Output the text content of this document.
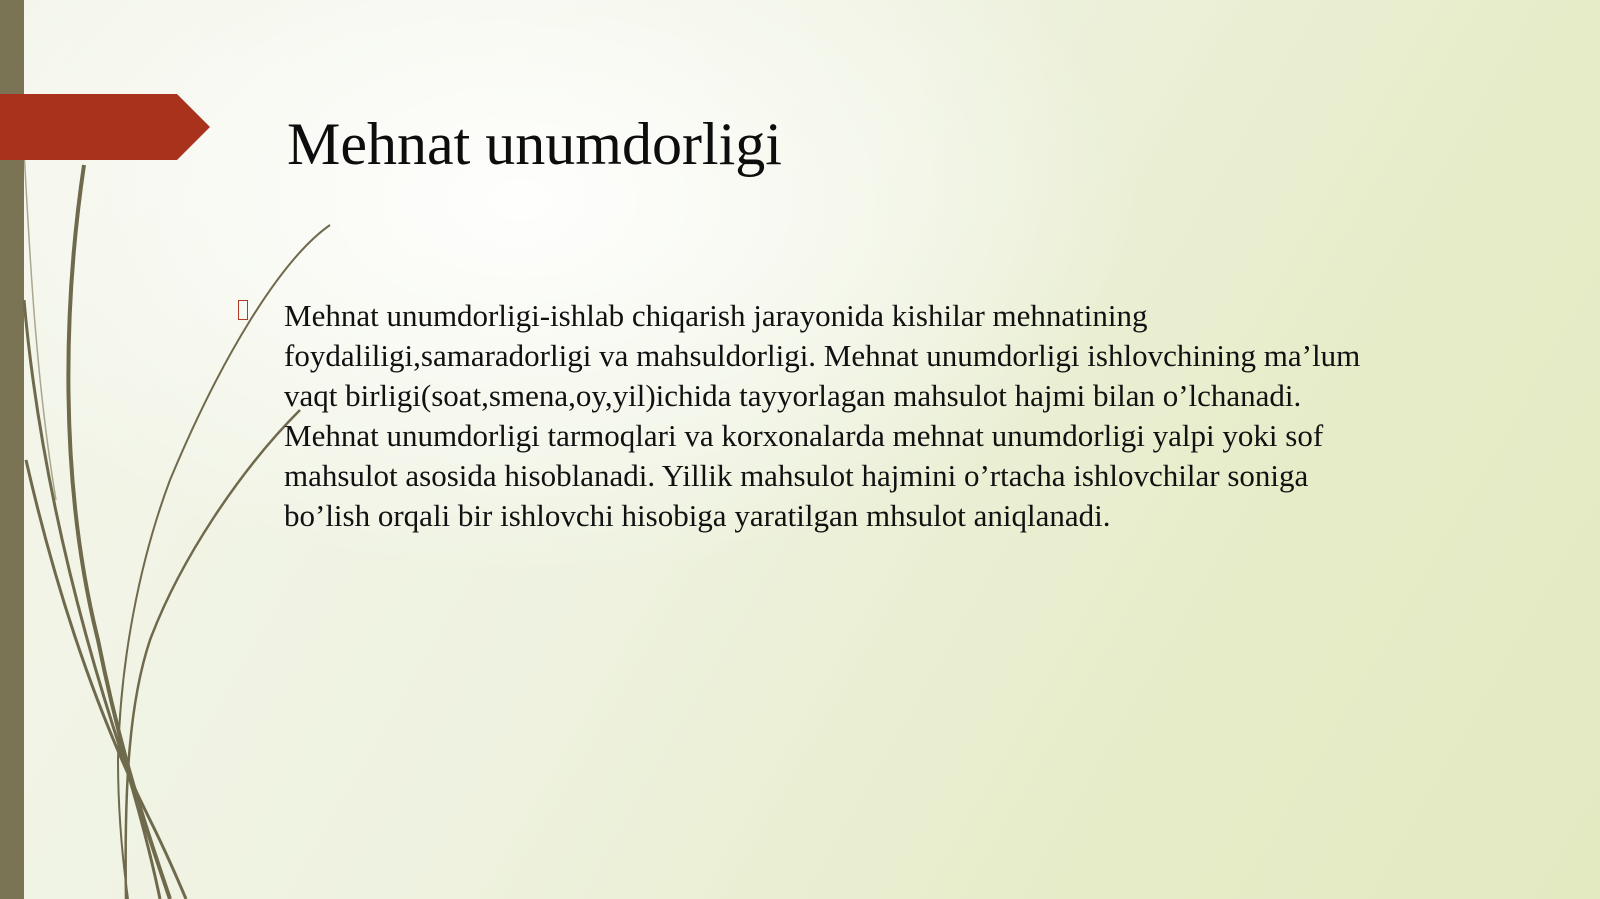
Mehnat unumdorligi

Mehnat unumdorligi-ishlab chiqarish jarayonida kishilar mehnatining foydaliligi,samaradorligi va mahsuldorligi. Mehnat unumdorligi ishlovchining ma’lum vaqt birligi(soat,smena,oy,yil)ichida tayyorlagan mahsulot hajmi bilan o’lchanadi. Mehnat unumdorligi tarmoqlari va korxonalarda mehnat unumdorligi yalpi yoki sof mahsulot asosida hisoblanadi. Yillik mahsulot hajmini o’rtacha ishlovchilar soniga bo’lish orqali bir ishlovchi hisobiga yaratilgan mhsulot aniqlanadi.
